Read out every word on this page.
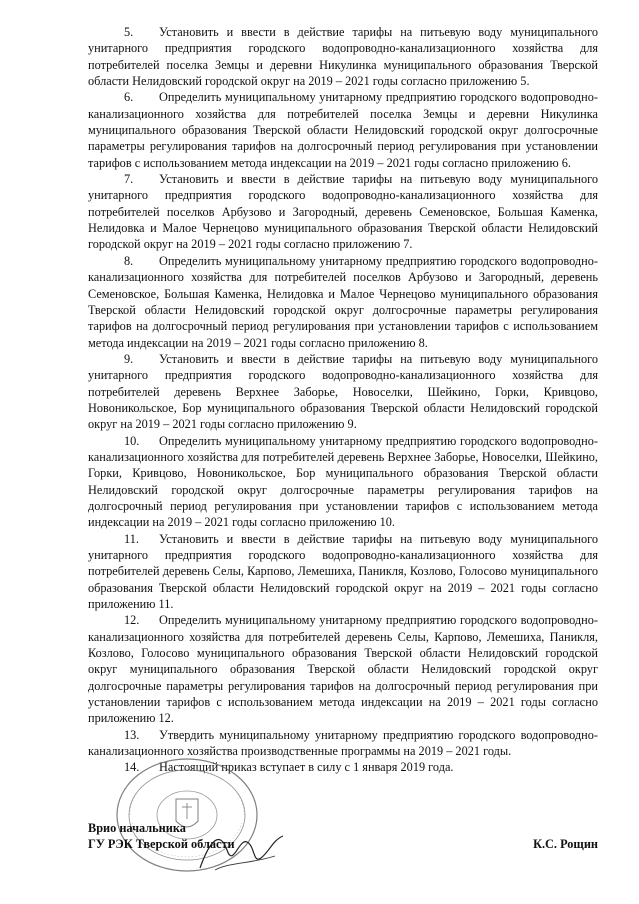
5. Установить и ввести в действие тарифы на питьевую воду муниципального унитарного предприятия городского водопроводно-канализационного хозяйства для потребителей поселка Земцы и деревни Никулинка муниципального образования Тверской области Нелидовский городской округ на 2019 – 2021 годы согласно приложению 5.

6. Определить муниципальному унитарному предприятию городского водопроводно-канализационного хозяйства для потребителей поселка Земцы и деревни Никулинка муниципального образования Тверской области Нелидовский городской округ долгосрочные параметры регулирования тарифов на долгосрочный период регулирования при установлении тарифов с использованием метода индексации на 2019 – 2021 годы согласно приложению 6.

7. Установить и ввести в действие тарифы на питьевую воду муниципального унитарного предприятия городского водопроводно-канализационного хозяйства для потребителей поселков Арбузово и Загородный, деревень Семеновское, Большая Каменка, Нелидовка и Малое Чернецово муниципального образования Тверской области Нелидовский городской округ на 2019 – 2021 годы согласно приложению 7.

8. Определить муниципальному унитарному предприятию городского водопроводно-канализационного хозяйства для потребителей поселков Арбузово и Загородный, деревень Семеновское, Большая Каменка, Нелидовка и Малое Чернецово муниципального образования Тверской области Нелидовский городской округ долгосрочные параметры регулирования тарифов на долгосрочный период регулирования при установлении тарифов с использованием метода индексации на 2019 – 2021 годы согласно приложению 8.

9. Установить и ввести в действие тарифы на питьевую воду муниципального унитарного предприятия городского водопроводно-канализационного хозяйства для потребителей деревень Верхнее Заборье, Новоселки, Шейкино, Горки, Кривцово, Новоникольское, Бор муниципального образования Тверской области Нелидовский городской округ на 2019 – 2021 годы согласно приложению 9.

10. Определить муниципальному унитарному предприятию городского водопроводно-канализационного хозяйства для потребителей деревень Верхнее Заборье, Новоселки, Шейкино, Горки, Кривцово, Новоникольское, Бор муниципального образования Тверской области Нелидовский городской округ долгосрочные параметры регулирования тарифов на долгосрочный период регулирования при установлении тарифов с использованием метода индексации на 2019 – 2021 годы согласно приложению 10.

11. Установить и ввести в действие тарифы на питьевую воду муниципального унитарного предприятия городского водопроводно-канализационного хозяйства для потребителей деревень Селы, Карпово, Лемешиха, Паникля, Козлово, Голосово муниципального образования Тверской области Нелидовский городской округ на 2019 – 2021 годы согласно приложению 11.

12. Определить муниципальному унитарному предприятию городского водопроводно-канализационного хозяйства для потребителей деревень Селы, Карпово, Лемешиха, Паникля, Козлово, Голосово муниципального образования Тверской области Нелидовский городской округ муниципального образования Тверской области Нелидовский городской округ долгосрочные параметры регулирования тарифов на долгосрочный период регулирования при установлении тарифов с использованием метода индексации на 2019 – 2021 годы согласно приложению 12.

13. Утвердить муниципальному унитарному предприятию городского водопроводно-канализационного хозяйства производственные программы на 2019 – 2021 годы.

14. Настоящий приказ вступает в силу с 1 января 2019 года.

Врио начальника
ГУ РЭК Тверской области	К.С. Рощин
